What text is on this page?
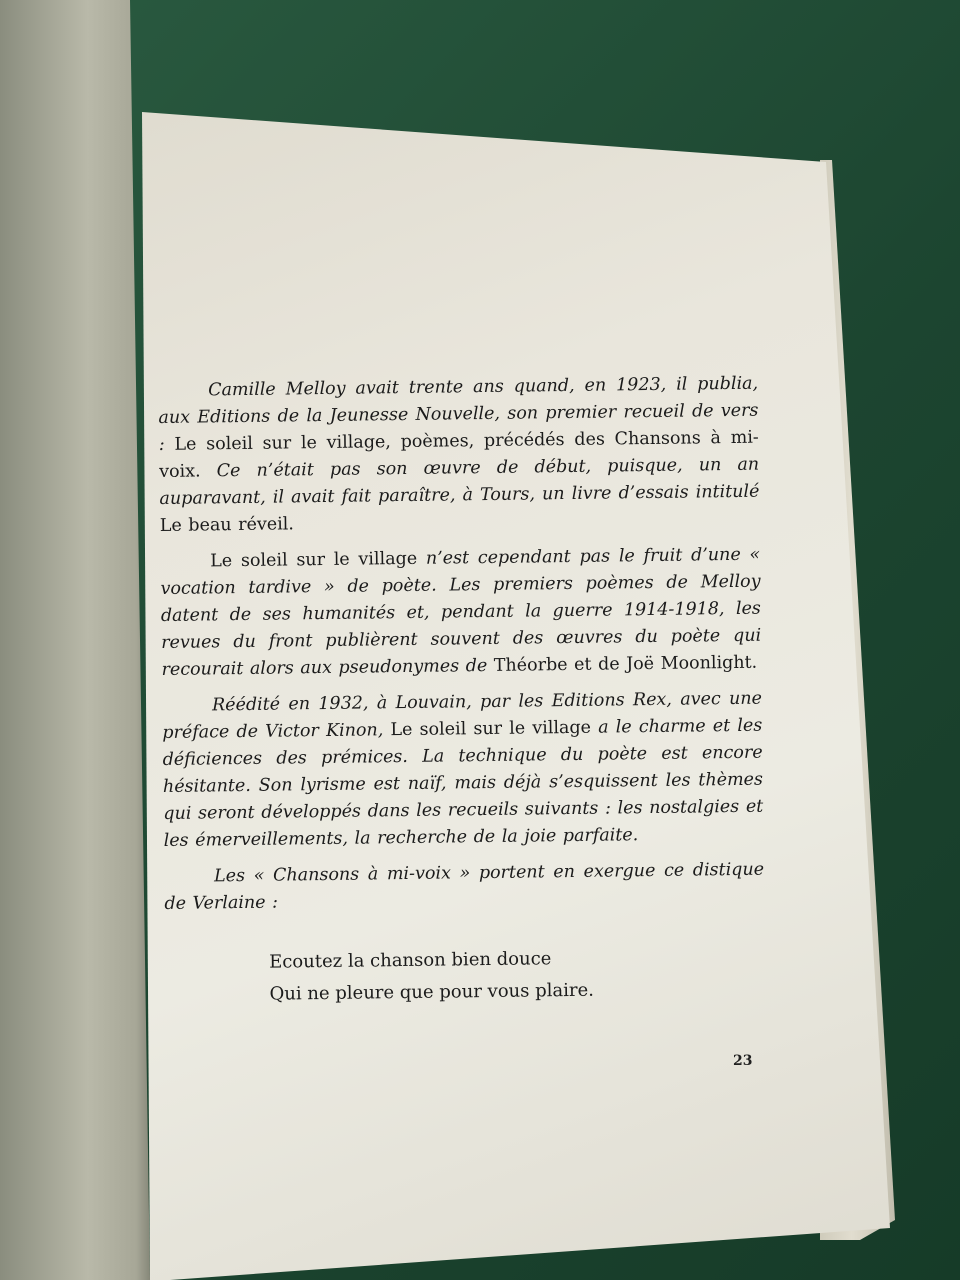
Camille Melloy avait trente ans quand, en 1923, il publia, aux Editions de la Jeunesse Nouvelle, son premier recueil de vers : Le soleil sur le village, poèmes, précédés des Chansons à mi-voix. Ce n’était pas son œuvre de début, puisque, un an auparavant, il avait fait paraître, à Tours, un livre d’essais intitulé Le beau réveil.

Le soleil sur le village n’est cependant pas le fruit d’une « vocation tardive » de poète. Les premiers poèmes de Melloy datent de ses humanités et, pendant la guerre 1914-1918, les revues du front publièrent souvent des œuvres du poète qui recourait alors aux pseudonymes de Théorbe et de Joë Moonlight.

Réédité en 1932, à Louvain, par les Editions Rex, avec une préface de Victor Kinon, Le soleil sur le village a le charme et les déficiences des prémices. La technique du poète est encore hésitante. Son lyrisme est naïf, mais déjà s’esquissent les thèmes qui seront développés dans les recueils suivants : les nostalgies et les émerveillements, la recherche de la joie parfaite.

Les « Chansons à mi-voix » portent en exergue ce distique de Verlaine :

Ecoutez la chanson bien douce
Qui ne pleure que pour vous plaire.
23
